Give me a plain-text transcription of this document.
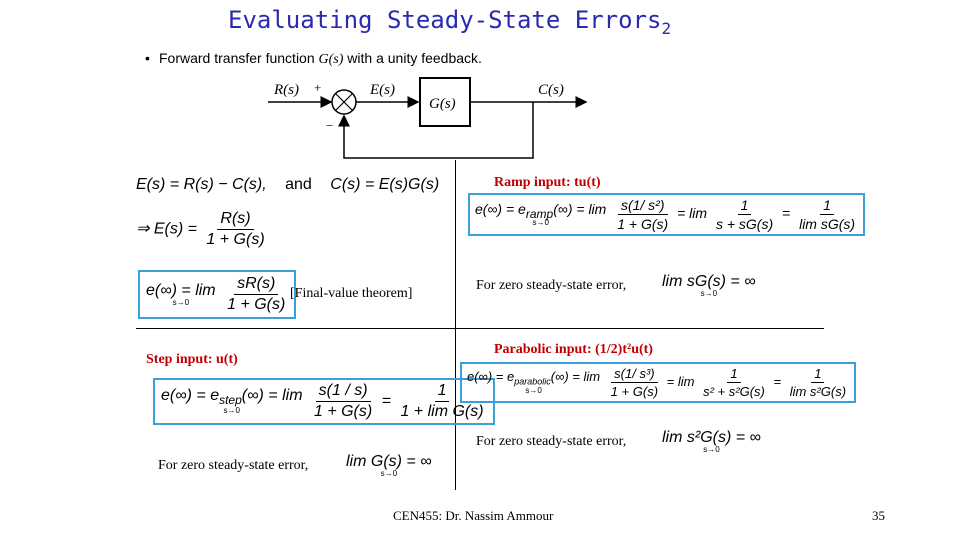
Evaluating Steady-State Errors$_2$
• Forward transfer function G(s) with a unity feedback.
R(s) +
−
E(s)
G(s)
C(s)
E(s) = R(s) − C(s), and C(s) = E(s)G(s)
⇒ $E(s) = \frac{R(s)}{1 + G(s)}$
e(∞) = lim
s→0
$\frac{sR(s)}{1 + G(s)}$ [Final-value theorem]
Step input: u(t)
$e(\infty) = e_{step}(\infty) = \lim$
s→0
	$\frac{s(1 / s)}{1 + G(s)} = \frac{1}{\text{1 + lim G(s)}}$
For zero steady-state error, lim G(s) = ∞
s→0
Ramp input: tu(t)
$e(\infty) = e_{ramp}(\infty) = \lim$
s→0
	$\frac{\text{s(1/ s²)}}{1 + G(s)} = \lim \frac{1}{s + sG(s)} = \frac{1}{\text{lim sG(s)}}$
For zero steady-state error, lim sG(s) = ∞
s→0
Parabolic input: (1/2)t²u(t)
$e(\infty) = e_{parabolic}(\infty) = \lim$
s→0
	$\frac{\text{s(1/ s³)}}{1 + G(s)} = \lim \frac{1}{\text{s² + s²G(s)}} = \frac{1}{\text{lim s²G(s)}}$
For zero steady-state error, lim s²G(s) = ∞
s→0
CEN455: Dr. Nassim Ammour	35
